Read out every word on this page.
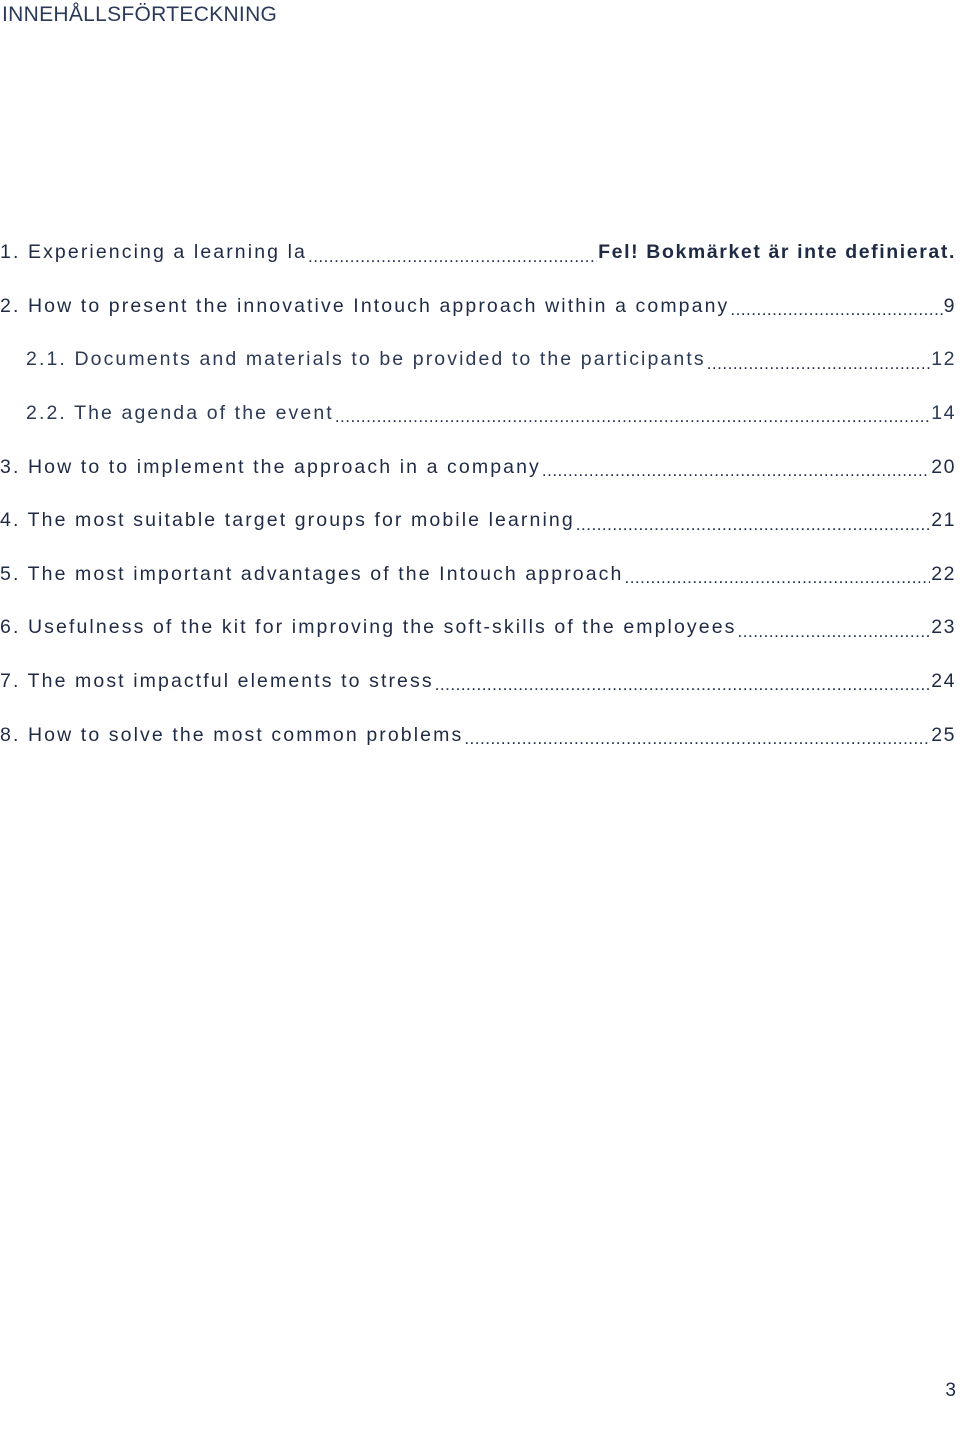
INNEHÅLLSFÖRTECKNING
1. Experiencing a learning la .....	Fel! Bokmärket är inte definierat.
2. How to present the innovative Intouch approach within a company .....	9
2.1. Documents and materials to be provided to the participants .....	12
2.2. The agenda of the event .....	14
3. How to to implement the approach in a company .....	20
4. The most suitable target groups for mobile learning .....	21
5. The most important advantages of the Intouch approach .....	22
6. Usefulness of the kit for improving the soft-skills of the employees .....	23
7. The most impactful elements to stress .....	24
8. How to solve the most common problems .....	25
3
